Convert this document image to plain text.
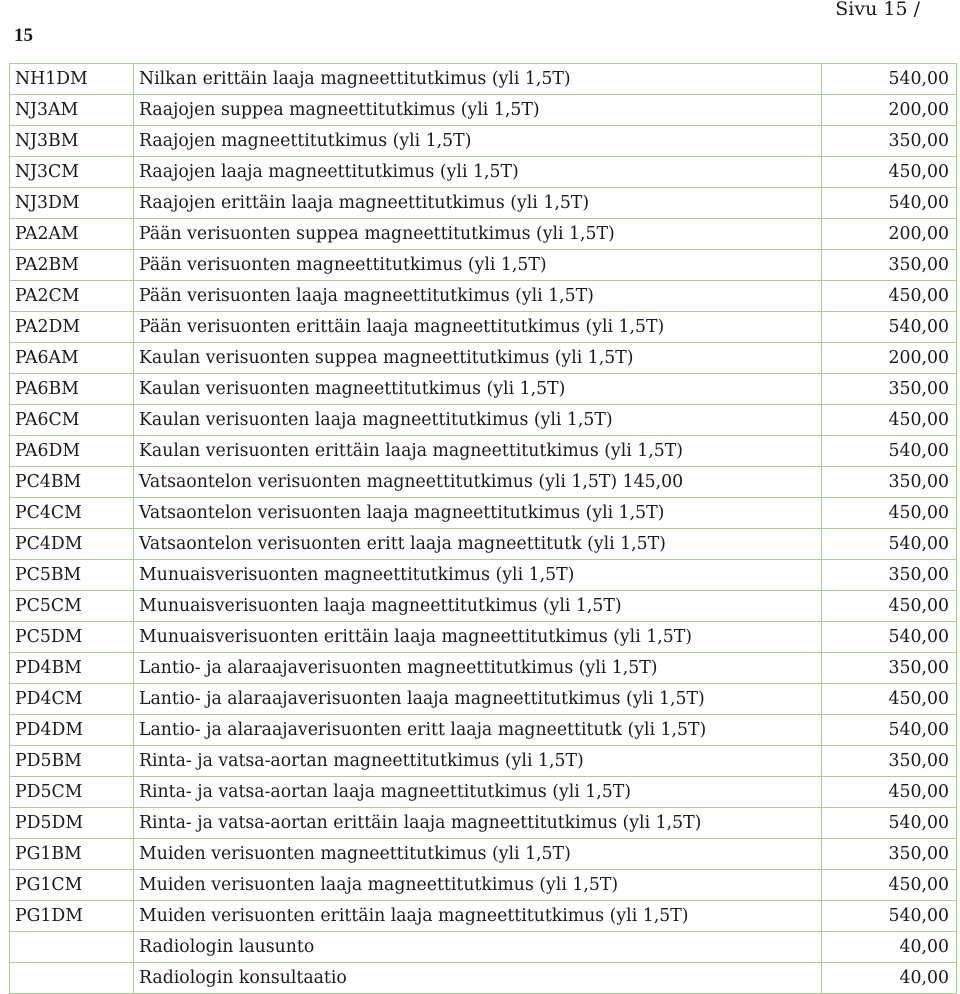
Sivu 15 /
15
NH1DM	Nilkan erittäin laaja magneettitutkimus (yli 1,5T)	540,00
NJ3AM	Raajojen suppea magneettitutkimus (yli 1,5T)	200,00
NJ3BM	Raajojen magneettitutkimus (yli 1,5T)	350,00
NJ3CM	Raajojen laaja magneettitutkimus (yli 1,5T)	450,00
NJ3DM	Raajojen erittäin laaja magneettitutkimus (yli 1,5T)	540,00
PA2AM	Pään verisuonten suppea magneettitutkimus (yli 1,5T)	200,00
PA2BM	Pään verisuonten magneettitutkimus (yli 1,5T)	350,00
PA2CM	Pään verisuonten laaja magneettitutkimus (yli 1,5T)	450,00
PA2DM	Pään verisuonten erittäin laaja magneettitutkimus (yli 1,5T)	540,00
PA6AM	Kaulan verisuonten suppea magneettitutkimus (yli 1,5T)	200,00
PA6BM	Kaulan verisuonten magneettitutkimus (yli 1,5T)	350,00
PA6CM	Kaulan verisuonten laaja magneettitutkimus (yli 1,5T)	450,00
PA6DM	Kaulan verisuonten erittäin laaja magneettitutkimus (yli 1,5T)	540,00
PC4BM	Vatsaontelon verisuonten magneettitutkimus (yli 1,5T) 145,00	350,00
PC4CM	Vatsaontelon verisuonten laaja magneettitutkimus (yli 1,5T)	450,00
PC4DM	Vatsaontelon verisuonten eritt laaja magneettitutk (yli 1,5T)	540,00
PC5BM	Munuaisverisuonten magneettitutkimus (yli 1,5T)	350,00
PC5CM	Munuaisverisuonten laaja magneettitutkimus (yli 1,5T)	450,00
PC5DM	Munuaisverisuonten erittäin laaja magneettitutkimus (yli 1,5T)	540,00
PD4BM	Lantio- ja alaraajaverisuonten magneettitutkimus (yli 1,5T)	350,00
PD4CM	Lantio- ja alaraajaverisuonten laaja magneettitutkimus (yli 1,5T)	450,00
PD4DM	Lantio- ja alaraajaverisuonten eritt laaja magneettitutk (yli 1,5T)	540,00
PD5BM	Rinta- ja vatsa-aortan magneettitutkimus (yli 1,5T)	350,00
PD5CM	Rinta- ja vatsa-aortan laaja magneettitutkimus (yli 1,5T)	450,00
PD5DM	Rinta- ja vatsa-aortan erittäin laaja magneettitutkimus (yli 1,5T)	540,00
PG1BM	Muiden verisuonten magneettitutkimus (yli 1,5T)	350,00
PG1CM	Muiden verisuonten laaja magneettitutkimus (yli 1,5T)	450,00
PG1DM	Muiden verisuonten erittäin laaja magneettitutkimus (yli 1,5T)	540,00
	Radiologin lausunto	40,00
	Radiologin konsultaatio	40,00
